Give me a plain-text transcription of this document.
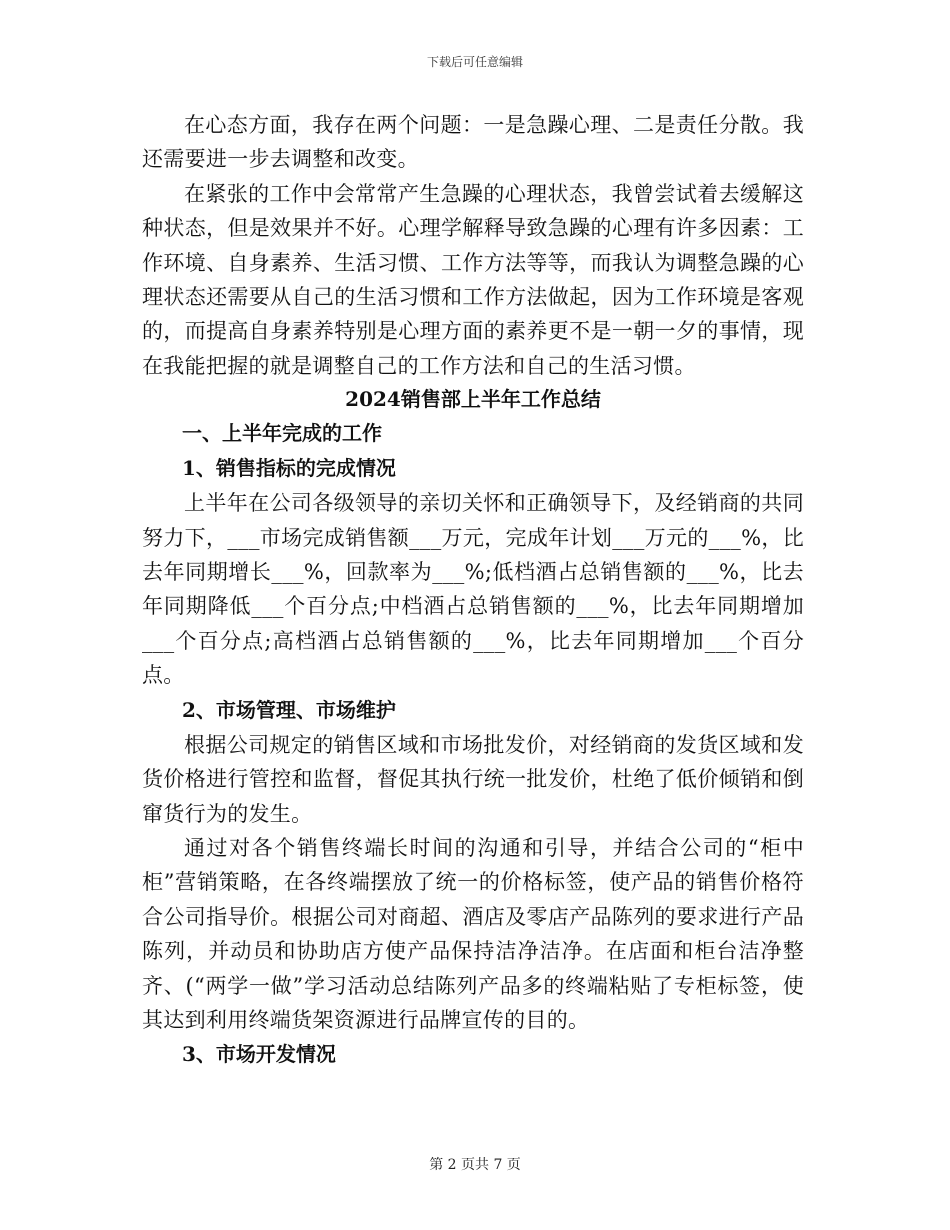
下载后可任意编辑

在心态方面，我存在两个问题：一是急躁心理、二是责任分散。我还需要进一步去调整和改变。

在紧张的工作中会常常产生急躁的心理状态，我曾尝试着去缓解这种状态，但是效果并不好。心理学解释导致急躁的心理有许多因素：工作环境、自身素养、生活习惯、工作方法等等，而我认为调整急躁的心理状态还需要从自己的生活习惯和工作方法做起，因为工作环境是客观的，而提高自身素养特别是心理方面的素养更不是一朝一夕的事情，现在我能把握的就是调整自己的工作方法和自己的生活习惯。

2024销售部上半年工作总结

一、上半年完成的工作

1、销售指标的完成情况

上半年在公司各级领导的亲切关怀和正确领导下，及经销商的共同努力下，___市场完成销售额___万元，完成年计划___万元的___%，比去年同期增长___%，回款率为___%;低档酒占总销售额的___%，比去年同期降低___个百分点;中档酒占总销售额的___%，比去年同期增加___个百分点;高档酒占总销售额的___%，比去年同期增加___个百分点。

2、市场管理、市场维护

根据公司规定的销售区域和市场批发价，对经销商的发货区域和发货价格进行管控和监督，督促其执行统一批发价，杜绝了低价倾销和倒窜货行为的发生。

通过对各个销售终端长时间的沟通和引导，并结合公司的“柜中柜”营销策略，在各终端摆放了统一的价格标签，使产品的销售价格符合公司指导价。根据公司对商超、酒店及零店产品陈列的要求进行产品陈列，并动员和协助店方使产品保持洁净洁净。在店面和柜台洁净整齐、(“两学一做”学习活动总结陈列产品多的终端粘贴了专柜标签，使其达到利用终端货架资源进行品牌宣传的目的。

3、市场开发情况

第 2 页共 7 页
